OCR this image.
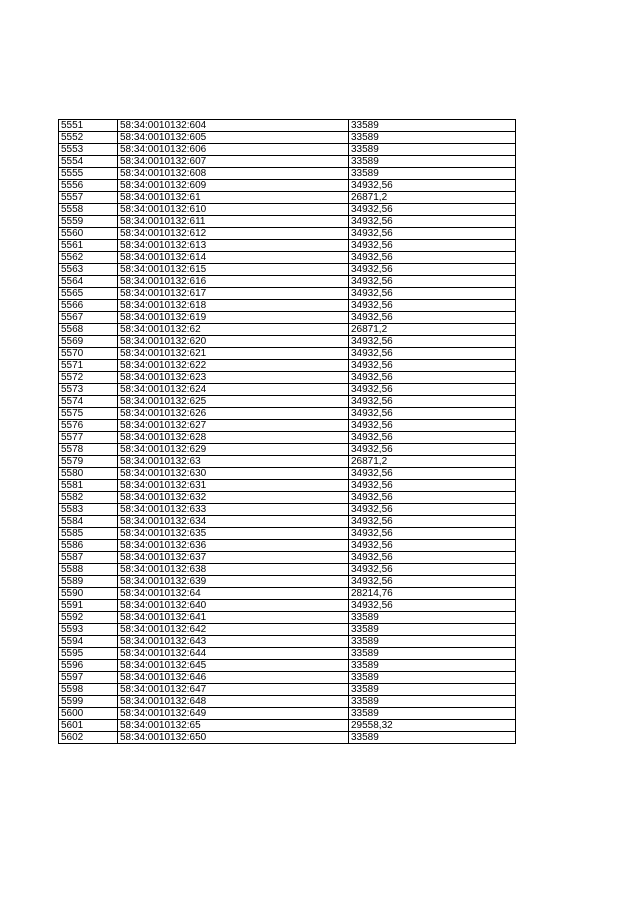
5551	58:34:0010132:604	33589
5552	58:34:0010132:605	33589
5553	58:34:0010132:606	33589
5554	58:34:0010132:607	33589
5555	58:34:0010132:608	33589
5556	58:34:0010132:609	34932,56
5557	58:34:0010132:61	26871,2
5558	58:34:0010132:610	34932,56
5559	58:34:0010132:611	34932,56
5560	58:34:0010132:612	34932,56
5561	58:34:0010132:613	34932,56
5562	58:34:0010132:614	34932,56
5563	58:34:0010132:615	34932,56
5564	58:34:0010132:616	34932,56
5565	58:34:0010132:617	34932,56
5566	58:34:0010132:618	34932,56
5567	58:34:0010132:619	34932,56
5568	58:34:0010132:62	26871,2
5569	58:34:0010132:620	34932,56
5570	58:34:0010132:621	34932,56
5571	58:34:0010132:622	34932,56
5572	58:34:0010132:623	34932,56
5573	58:34:0010132:624	34932,56
5574	58:34:0010132:625	34932,56
5575	58:34:0010132:626	34932,56
5576	58:34:0010132:627	34932,56
5577	58:34:0010132:628	34932,56
5578	58:34:0010132:629	34932,56
5579	58:34:0010132:63	26871,2
5580	58:34:0010132:630	34932,56
5581	58:34:0010132:631	34932,56
5582	58:34:0010132:632	34932,56
5583	58:34:0010132:633	34932,56
5584	58:34:0010132:634	34932,56
5585	58:34:0010132:635	34932,56
5586	58:34:0010132:636	34932,56
5587	58:34:0010132:637	34932,56
5588	58:34:0010132:638	34932,56
5589	58:34:0010132:639	34932,56
5590	58:34:0010132:64	28214,76
5591	58:34:0010132:640	34932,56
5592	58:34:0010132:641	33589
5593	58:34:0010132:642	33589
5594	58:34:0010132:643	33589
5595	58:34:0010132:644	33589
5596	58:34:0010132:645	33589
5597	58:34:0010132:646	33589
5598	58:34:0010132:647	33589
5599	58:34:0010132:648	33589
5600	58:34:0010132:649	33589
5601	58:34:0010132:65	29558,32
5602	58:34:0010132:650	33589
